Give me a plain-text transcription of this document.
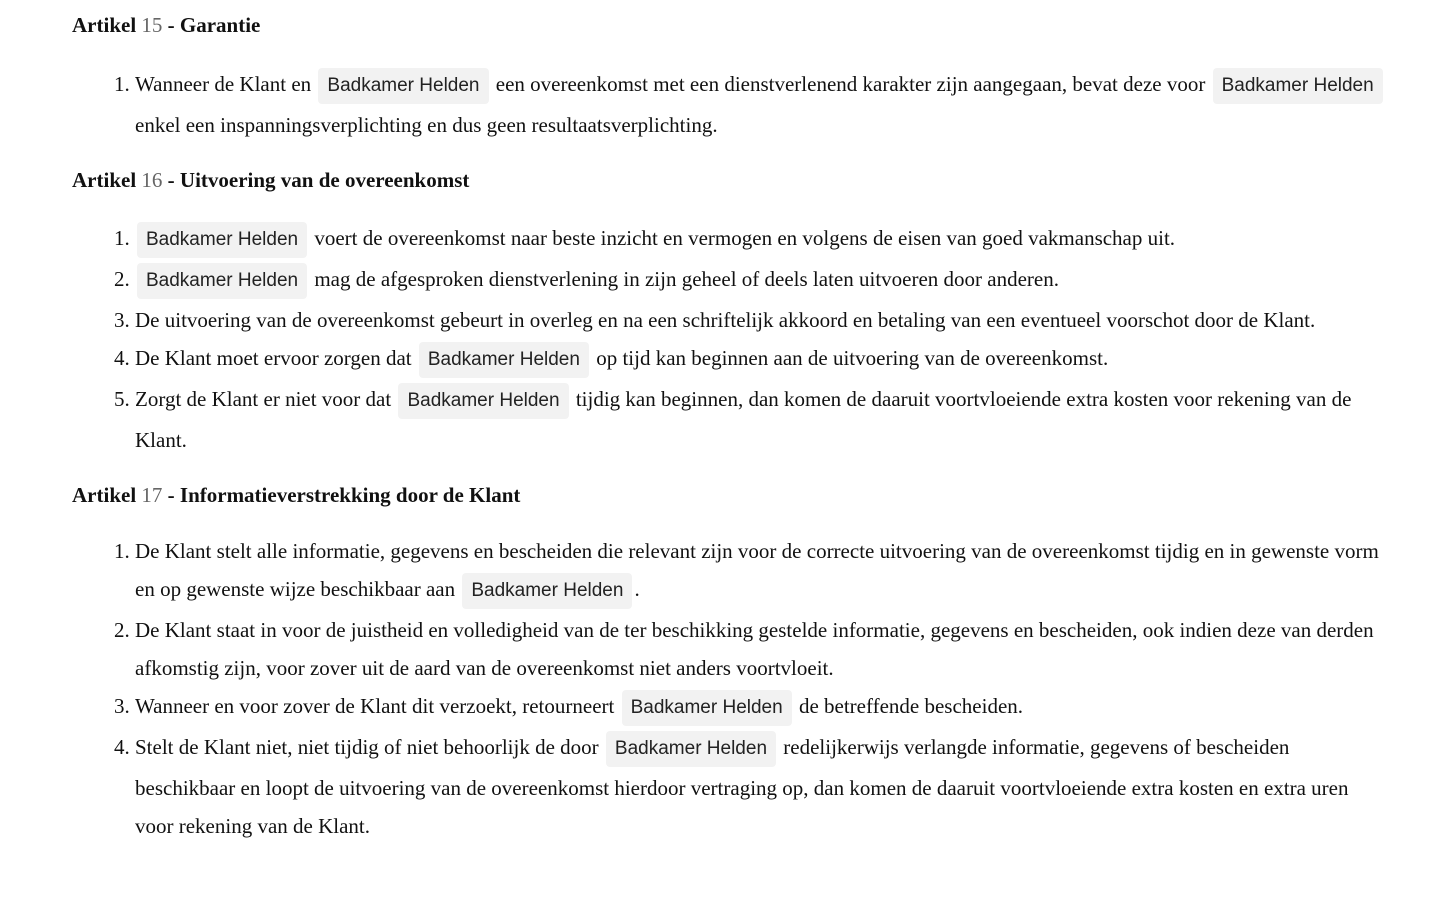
Artikel 15 - Garantie

1. Wanneer de Klant en Badkamer Helden een overeenkomst met een dienstverlenend karakter zijn aangegaan, bevat deze voor Badkamer Helden enkel een inspanningsverplichting en dus geen resultaatsverplichting.

Artikel 16 - Uitvoering van de overeenkomst

1. Badkamer Helden voert de overeenkomst naar beste inzicht en vermogen en volgens de eisen van goed vakmanschap uit.
2. Badkamer Helden mag de afgesproken dienstverlening in zijn geheel of deels laten uitvoeren door anderen.
3. De uitvoering van de overeenkomst gebeurt in overleg en na een schriftelijk akkoord en betaling van een eventueel voorschot door de Klant.
4. De Klant moet ervoor zorgen dat Badkamer Helden op tijd kan beginnen aan de uitvoering van de overeenkomst.
5. Zorgt de Klant er niet voor dat Badkamer Helden tijdig kan beginnen, dan komen de daaruit voortvloeiende extra kosten voor rekening van de Klant.

Artikel 17 - Informatieverstrekking door de Klant

1. De Klant stelt alle informatie, gegevens en bescheiden die relevant zijn voor de correcte uitvoering van de overeenkomst tijdig en in gewenste vorm en op gewenste wijze beschikbaar aan Badkamer Helden .
2. De Klant staat in voor de juistheid en volledigheid van de ter beschikking gestelde informatie, gegevens en bescheiden, ook indien deze van derden afkomstig zijn, voor zover uit de aard van de overeenkomst niet anders voortvloeit.
3. Wanneer en voor zover de Klant dit verzoekt, retourneert Badkamer Helden de betreffende bescheiden.
4. Stelt de Klant niet, niet tijdig of niet behoorlijk de door Badkamer Helden redelijkerwijs verlangde informatie, gegevens of bescheiden beschikbaar en loopt de uitvoering van de overeenkomst hierdoor vertraging op, dan komen de daaruit voortvloeiende extra kosten en extra uren voor rekening van de Klant.
